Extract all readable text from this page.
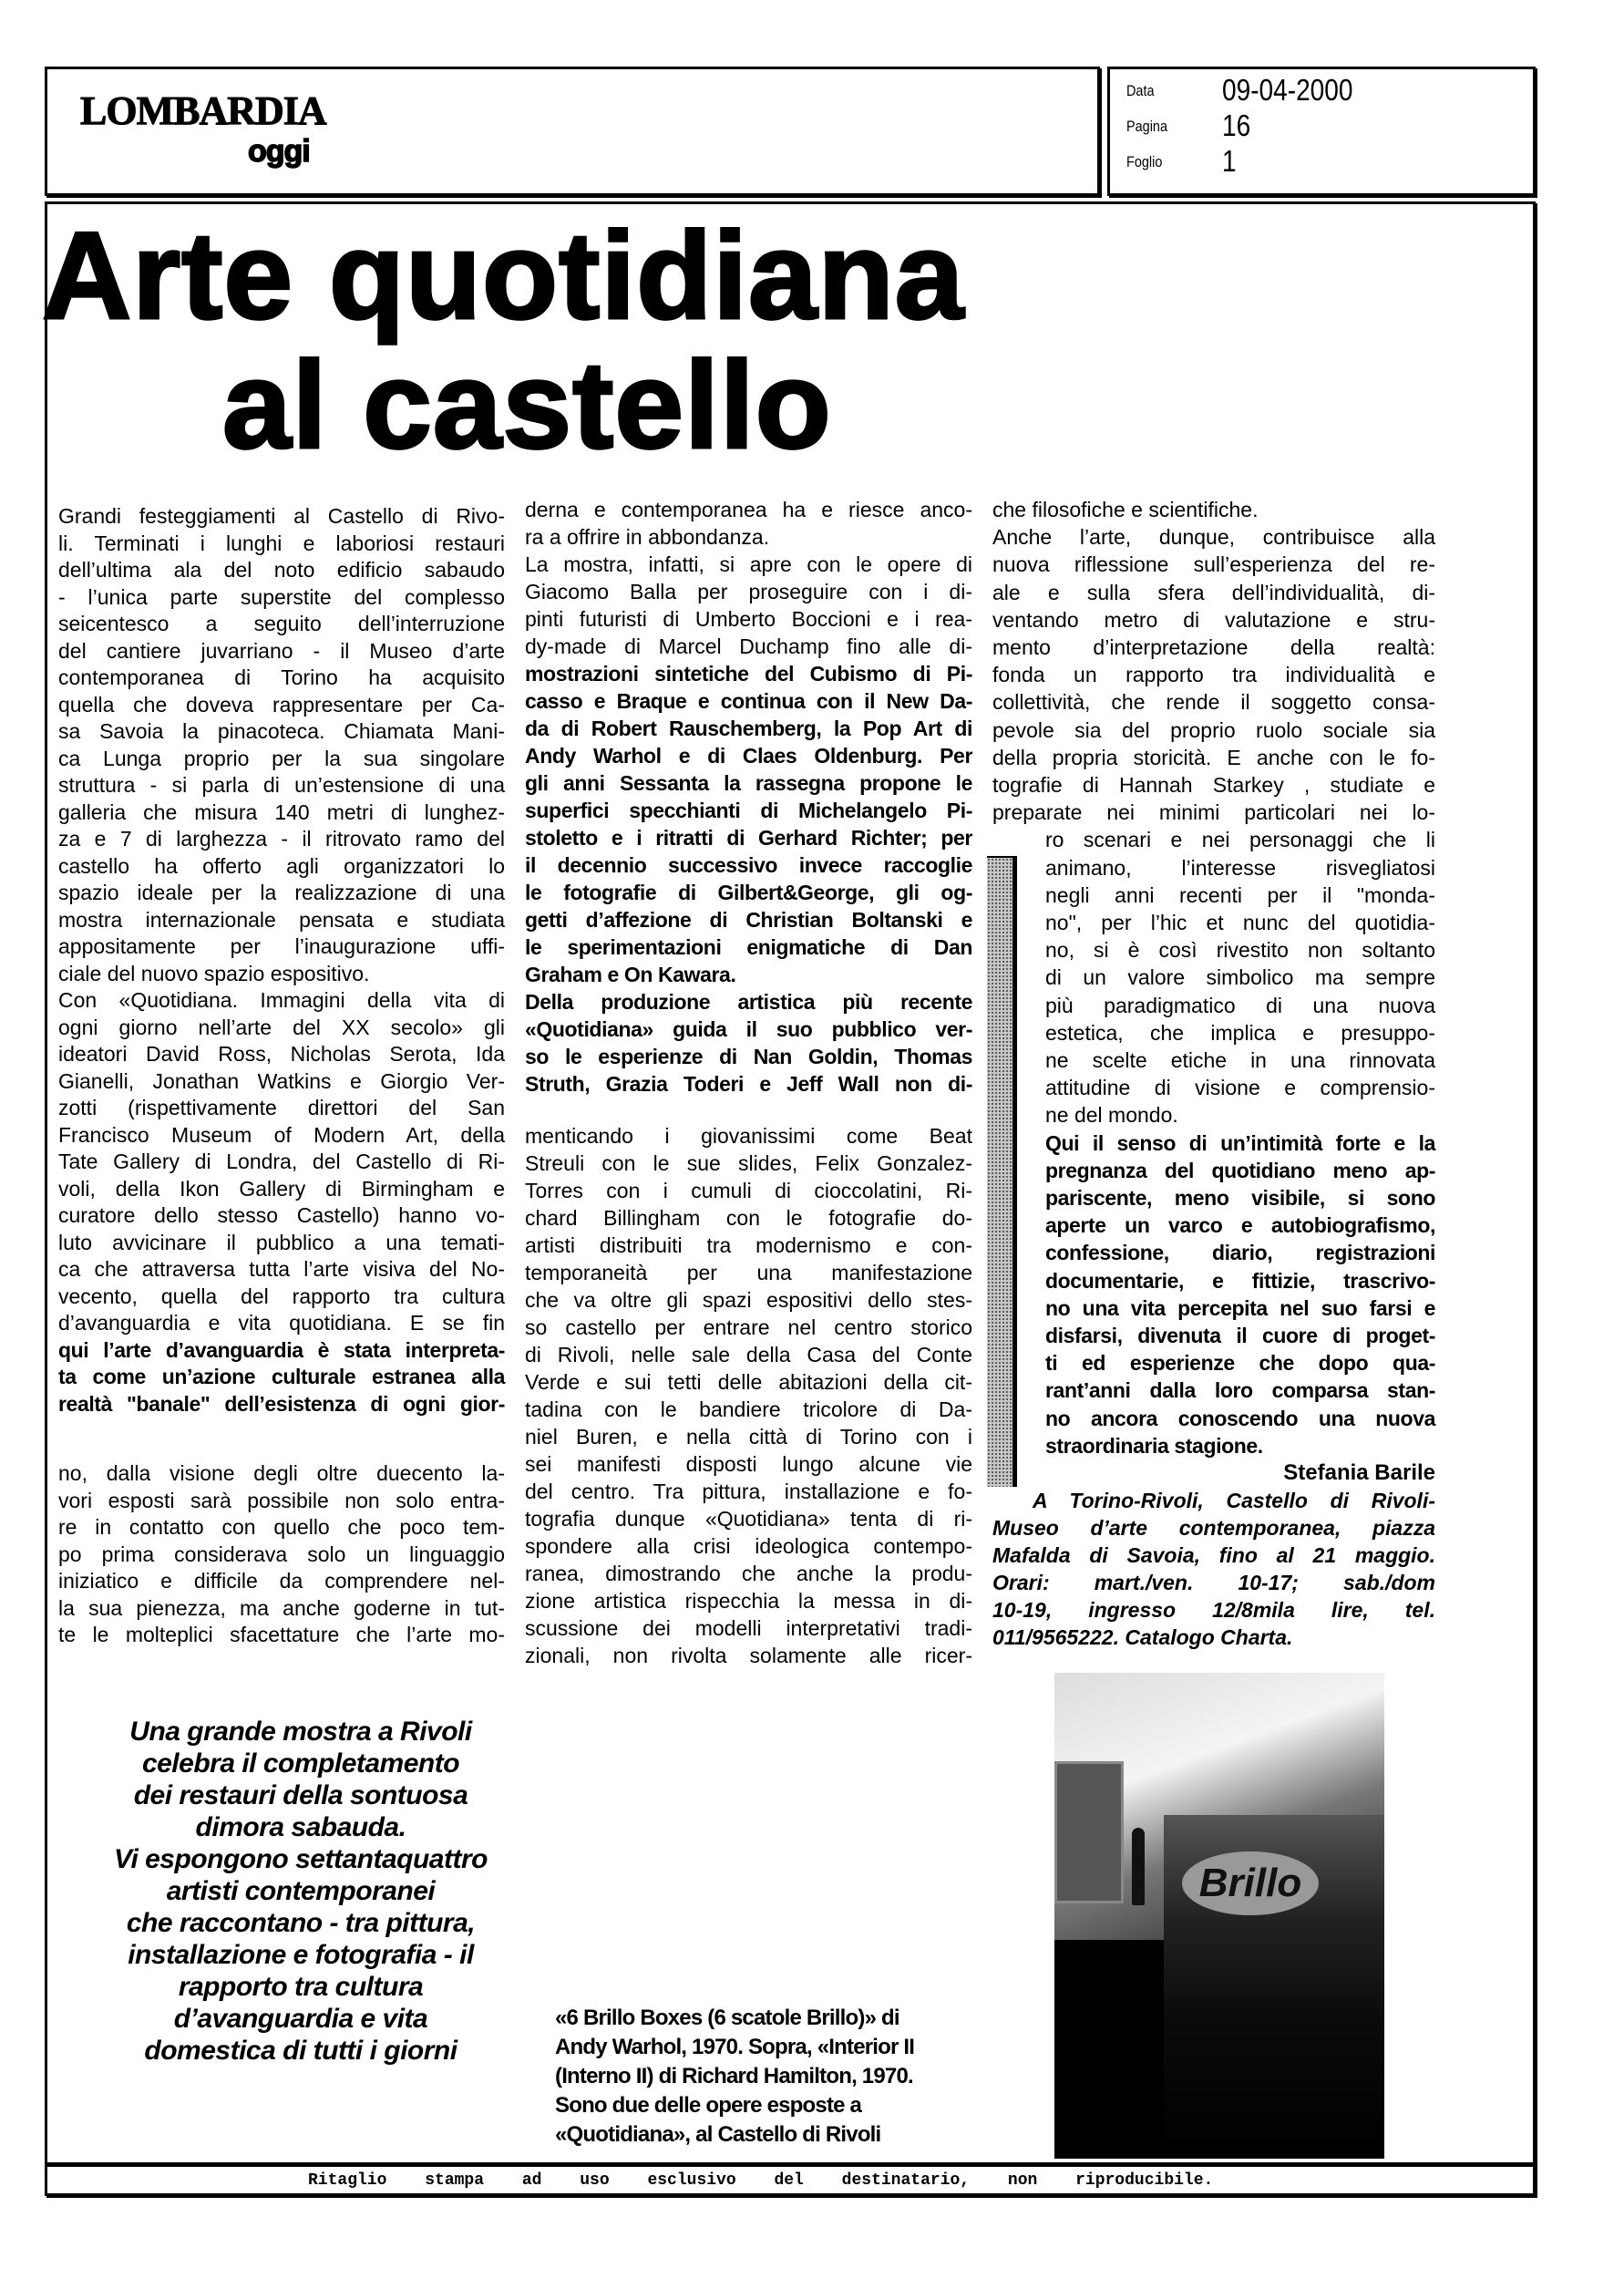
LOMBARDIA
oggi
Data 09-04-2000
Pagina 16
Foglio 1
Arte quotidiana
al castello
Grandi festeggiamenti al Castello di Rivo-
li. Terminati i lunghi e laboriosi restauri
dell’ultima ala del noto edificio sabaudo
- l’unica parte superstite del complesso
seicentesco a seguito dell’interruzione
del cantiere juvarriano - il Museo d’arte
contemporanea di Torino ha acquisito
quella che doveva rappresentare per Ca-
sa Savoia la pinacoteca. Chiamata Mani-
ca Lunga proprio per la sua singolare
struttura - si parla di un’estensione di una
galleria che misura 140 metri di lunghez-
za e 7 di larghezza - il ritrovato ramo del
castello ha offerto agli organizzatori lo
spazio ideale per la realizzazione di una
mostra internazionale pensata e studiata
appositamente per l’inaugurazione uffi-
ciale del nuovo spazio espositivo.
Con «Quotidiana. Immagini della vita di
ogni giorno nell’arte del XX secolo» gli
ideatori David Ross, Nicholas Serota, Ida
Gianelli, Jonathan Watkins e Giorgio Ver-
zotti (rispettivamente direttori del San
Francisco Museum of Modern Art, della
Tate Gallery di Londra, del Castello di Ri-
voli, della Ikon Gallery di Birmingham e
curatore dello stesso Castello) hanno vo-
luto avvicinare il pubblico a una temati-
ca che attraversa tutta l’arte visiva del No-
vecento, quella del rapporto tra cultura
d’avanguardia e vita quotidiana. E se fin
qui l’arte d’avanguardia è stata interpreta-
ta come un’azione culturale estranea alla
realtà "banale" dell’esistenza di ogni gior-
no, dalla visione degli oltre duecento la-
vori esposti sarà possibile non solo entra-
re in contatto con quello che poco tem-
po prima considerava solo un linguaggio
iniziatico e difficile da comprendere nel-
la sua pienezza, ma anche goderne in tut-
te le molteplici sfacettature che l’arte mo-
derna e contemporanea ha e riesce anco-
ra a offrire in abbondanza.
La mostra, infatti, si apre con le opere di
Giacomo Balla per proseguire con i di-
pinti futuristi di Umberto Boccioni e i rea-
dy-made di Marcel Duchamp fino alle di-
mostrazioni sintetiche del Cubismo di Pi-
casso e Braque e continua con il New Da-
da di Robert Rauschemberg, la Pop Art di
Andy Warhol e di Claes Oldenburg. Per
gli anni Sessanta la rassegna propone le
superfici specchianti di Michelangelo Pi-
stoletto e i ritratti di Gerhard Richter; per
il decennio successivo invece raccoglie
le fotografie di Gilbert&George, gli og-
getti d’affezione di Christian Boltanski e
le sperimentazioni enigmatiche di Dan
Graham e On Kawara.
Della produzione artistica più recente
«Quotidiana» guida il suo pubblico ver-
so le esperienze di Nan Goldin, Thomas
Struth, Grazia Toderi e Jeff Wall non di-
menticando i giovanissimi come Beat
Streuli con le sue slides, Felix Gonzalez-
Torres con i cumuli di cioccolatini, Ri-
chard Billingham con le fotografie do-
artisti distribuiti tra modernismo e con-
temporaneità per una manifestazione
che va oltre gli spazi espositivi dello stes-
so castello per entrare nel centro storico
di Rivoli, nelle sale della Casa del Conte
Verde e sui tetti delle abitazioni della cit-
tadina con le bandiere tricolore di Da-
niel Buren, e nella città di Torino con i
sei manifesti disposti lungo alcune vie
del centro. Tra pittura, installazione e fo-
tografia dunque «Quotidiana» tenta di ri-
spondere alla crisi ideologica contempo-
ranea, dimostrando che anche la produ-
zione artistica rispecchia la messa in di-
scussione dei modelli interpretativi tradi-
zionali, non rivolta solamente alle ricer-
che filosofiche e scientifiche.
Anche l’arte, dunque, contribuisce alla
nuova riflessione sull’esperienza del re-
ale e sulla sfera dell’individualità, di-
ventando metro di valutazione e stru-
mento d’interpretazione della realtà:
fonda un rapporto tra individualità e
collettività, che rende il soggetto consa-
pevole sia del proprio ruolo sociale sia
della propria storicità. E anche con le fo-
tografie di Hannah Starkey , studiate e
preparate nei minimi particolari nei lo-
ro scenari e nei personaggi che li
animano, l’interesse risvegliatosi
negli anni recenti per il "monda-
no", per l’hic et nunc del quotidia-
no, si è così rivestito non soltanto
di un valore simbolico ma sempre
più paradigmatico di una nuova
estetica, che implica e presuppo-
ne scelte etiche in una rinnovata
attitudine di visione e comprensio-
ne del mondo.
Qui il senso di un’intimità forte e la
pregnanza del quotidiano meno ap-
pariscente, meno visibile, si sono
aperte un varco e autobiografismo,
confessione, diario, registrazioni
documentarie, e fittizie, trascrivo-
no una vita percepita nel suo farsi e
disfarsi, divenuta il cuore di proget-
ti ed esperienze che dopo qua-
rant’anni dalla loro comparsa stan-
no ancora conoscendo una nuova
straordinaria stagione.
Stefania Barile
A Torino-Rivoli, Castello di Rivoli-
Museo d’arte contemporanea, piazza
Mafalda di Savoia, fino al 21 maggio.
Orari: mart./ven. 10-17; sab./dom
10-19, ingresso 12/8mila lire, tel.
011/9565222. Catalogo Charta.
Una grande mostra a Rivoli
celebra il completamento
dei restauri della sontuosa
dimora sabauda.
Vi espongono settantaquattro
artisti contemporanei
che raccontano - tra pittura,
installazione e fotografia - il
rapporto tra cultura
d’avanguardia e vita
domestica di tutti i giorni
«6 Brillo Boxes (6 scatole Brillo)» di
Andy Warhol, 1970. Sopra, «Interior II
(Interno II) di Richard Hamilton, 1970.
Sono due delle opere esposte a
«Quotidiana», al Castello di Rivoli
Brillo
Ritaglio stampa ad uso esclusivo del destinatario, non riproducibile.
